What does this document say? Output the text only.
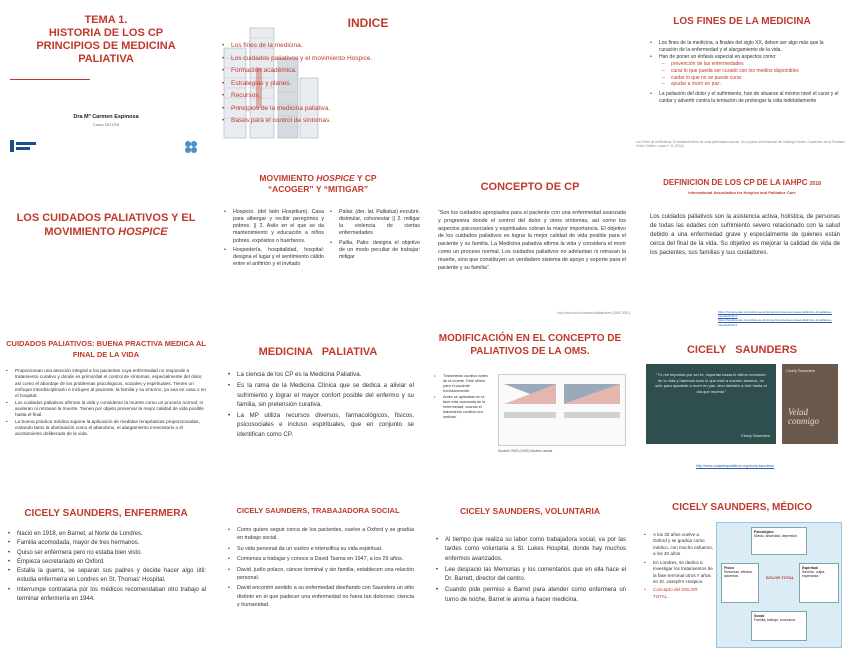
TEMA 1.
HISTORIA DE LOS CP
PRINCIPIOS DE MEDICINA
PALIATIVA
Dra Mª Carmen Espinosa
Curso 2017/18
INDICE
• Los fines de la medicina.
• Los cuidados paliativos y el movimiento Hospice.
• Formación académica.
• Estrategias y planes.
• Recursos.
• Principios de la medicina paliativa.
• Bases para el control de síntomas.
LOS FINES DE LA MEDICINA
• Los fines de la medicina, a finales del siglo XX, deben ser algo más que la curación de la enfermedad y el alargamiento de la vida.
• Han de poner un énfasis especial en aspectos como:
– prevención de las enfermedades
– curar lo que pueda ser curado con los medios disponibles
– cuidar lo que no se puede curar
– ayudar a morir en paz.
• La paliación del dolor y el sufrimiento, han de situarse al mismo nivel el curar y el cuidar y advertir contra la tentación de prolongar la vida indebidamente
Los Fines de la Medicina. El establecimiento de unas prioridades nuevas. Un proyecto internacional del Hastings Center. Cuadernos de la Fundació Víctor Grífols i Lucas nº 11 (2004)
LOS CUIDADOS PALIATIVOS Y EL MOVIMIENTO HOSPICE
MOVIMIENTO HOSPICE Y CP
“ACOGER” Y “MITIGAR”
• Hospicio. (del latín Hospitium). Casa para albergar y recibir peregrinos y pobres. || 2. Asilo en el que se da mantenimiento y educación a niños pobres, expósitos o huérfanos.
• Hospedería, hospitalidad, hospital: designa el lugar y el sentimiento cálido entre el anfitrión y el invitado
• Paliar. (der. lat. Palliatus) encubrir, disimular, cohonestar || 2. mitigar la violencia de ciertas enfermedades
• Pallia, Palio: designa el objetivo de un modo peculiar de trabajar: mitigar
CONCEPTO DE CP
“Son los cuidados apropiados para el paciente con una enfermedad avanzada y progresiva donde el control del dolor y otros síntomas, así como los aspectos psicosociales y espirituales cobran la mayor importancia. El objetivo de los cuidados paliativos es lograr la mejor calidad de vida posible para el paciente y su familia. La Medicina paliativa afirma la vida y considera el morir como un proceso normal. Los cuidados paliativos no adelantan ni retrasan la muerte, sino que constituyen un verdadero sistema de apoyo y soporte para el paciente y su familia”.
http://www.who.int/cancer/palliative/es/ (OMS 2002)
DEFINICION DE LOS CP DE LA IAHPC 2018
International Association for Hospice and Palliative Care
Los cuidados paliativos son la asistencia activa, holística, de personas de todas las edades con sufrimiento severo relacionado con la salud debido a una enfermedad grave y especialmente de quienes están cerca del final de la vida. Su objetivo es mejorar la calidad de vida de los pacientes, sus familias y sus cuidadores.
https://hospicecare.com/what-we-do/projects/consensus-based-definition-of-palliative-care/definition/
https://hospicecare.com/what-we-do/projects/consensus-based-definition-of-palliative-care/definition/
CUIDADOS PALIATIVOS: BUENA PRACTIVA MEDICA AL FINAL DE LA VIDA
• Proporcionan una atención integral a los pacientes cuya enfermedad no responde a tratamiento curativo y donde es primordial el control de síntomas, especialmente del dolor, así como el abordaje de los problemas psicológicos, sociales y espirituales. Tienen un enfoque interdisciplinario e incluyen al paciente, la familia y su entorno, ya sea en casa o en el hospital.
• Los cuidados paliativos afirman la vida y consideran la muerte como un proceso normal; ni aceleran ni retrasan la muerte. Tienen por objeto preservar la mejor calidad de vida posible hasta el final.
• La buena práctica médica supone la aplicación de medidas terapéuticas proporcionadas, evitando tanto la obstinación como el abandono, el alargamiento innecesario o el acortamiento deliberado de la vida.
MEDICINA   PALIATIVA
• La ciencia de los CP es la Medicina Paliativa.
• Es la rama de la Medicina Clínica que se dedica a aliviar el sufrimiento y lograr el mayor confort posible del enfermo y su familia, sin pretensión curativa.
• La MP utiliza recursos diversos, farmacológicos, físicos, psicosociales e incluso espirituales, que en conjunto se identifican como CP.
MODIFICACIÓN EN EL CONCEPTO DE PALIATIVOS DE LA OMS.
• Tratamiento curativo antes de la muerte. Este último para el paciente exclusivamente.
• Antes se aplicaban en la fase más avanzada de la enfermedad, cuando el tratamiento curativo era ineficaz.
Modelo OMS (1990) Modelo actual
CICELY   SAUNDERS
"Tú me importas por ser tú, importas hasta el último momento de tu vida y haremos todo lo que esté a nuestro alcance, no sólo para ayudarte a morir en paz, sino también a vivir hasta el día que mueras"
Cicely Saunders
Cicely Saunders
Velad conmigo
http://www.cuidadospaliativos.org/cicely-saunders/
CICELY SAUNDERS, ENFERMERA
• Nació en 1918, en Barnet, al Norte de Londres.
• Familia acomodada, mayor de tres hermanos.
• Quiso ser enfermera pero no estaba bien visto.
• Empieza secretariado en Oxford.
• Estalla la guerra, se separan sus padres y decide hacer algo útil: estudia enfermería en Londres en St. Thomas' Hospital.
• Interrumpe contrataria por los médicos recomendaban otro trabajo al terminar enfermería en 1944.
CICELY SAUNDERS, TRABAJADORA SOCIAL
• Como quiere seguir cerca de los pacientes, vuelve a Oxford y se gradúa en trabajo social.
• Su vida personal da un vuelco e intensifica su vida espiritual.
• Comienza a trabajar y conoce a David Tasma en 1947, a los 29 años.
• David, judío polaco, cáncer terminal y sin familia, establecen una relación personal.
• David encontró sentido a su enfermedad diseñando con Saunders un sitio distinto en el que padecer una enfermedad no fuera tan doloroso: ciencia y humanidad.
CICELY SAUNDERS, VOLUNTARIA
• Al tiempo que realiza su labor como trabajadora social, va por las tardes como voluntaria a St. Lukes Hospital, donde hay muchos enfermos avanzados.
• Lee despacio las Memorias y los comentarios que en ella hace el Dr. Barrett, director del centro.
• Cuando pide permiso a Barret para atender como enfermera un turno de noche, Barret le anima a hacer medicina.
CICELY SAUNDERS, MÉDICO
• A los 33 años vuelve a Oxford y se gradúa como médico, con mucho esfuerzo, a los 40 años
• En Londres, se dedica a investigar los tratamientos de la fase terminal otros 7 años en St. Joseph's Hospice.
• Concepto del DOLOR TOTAL.
Psicológico
Miedo, ansiedad, depresión
Físico
Síntomas, efectos adversos
Espiritual
Sentido, culpa, esperanza
DOLOR TOTAL
Social
Familia, trabajo, economía
